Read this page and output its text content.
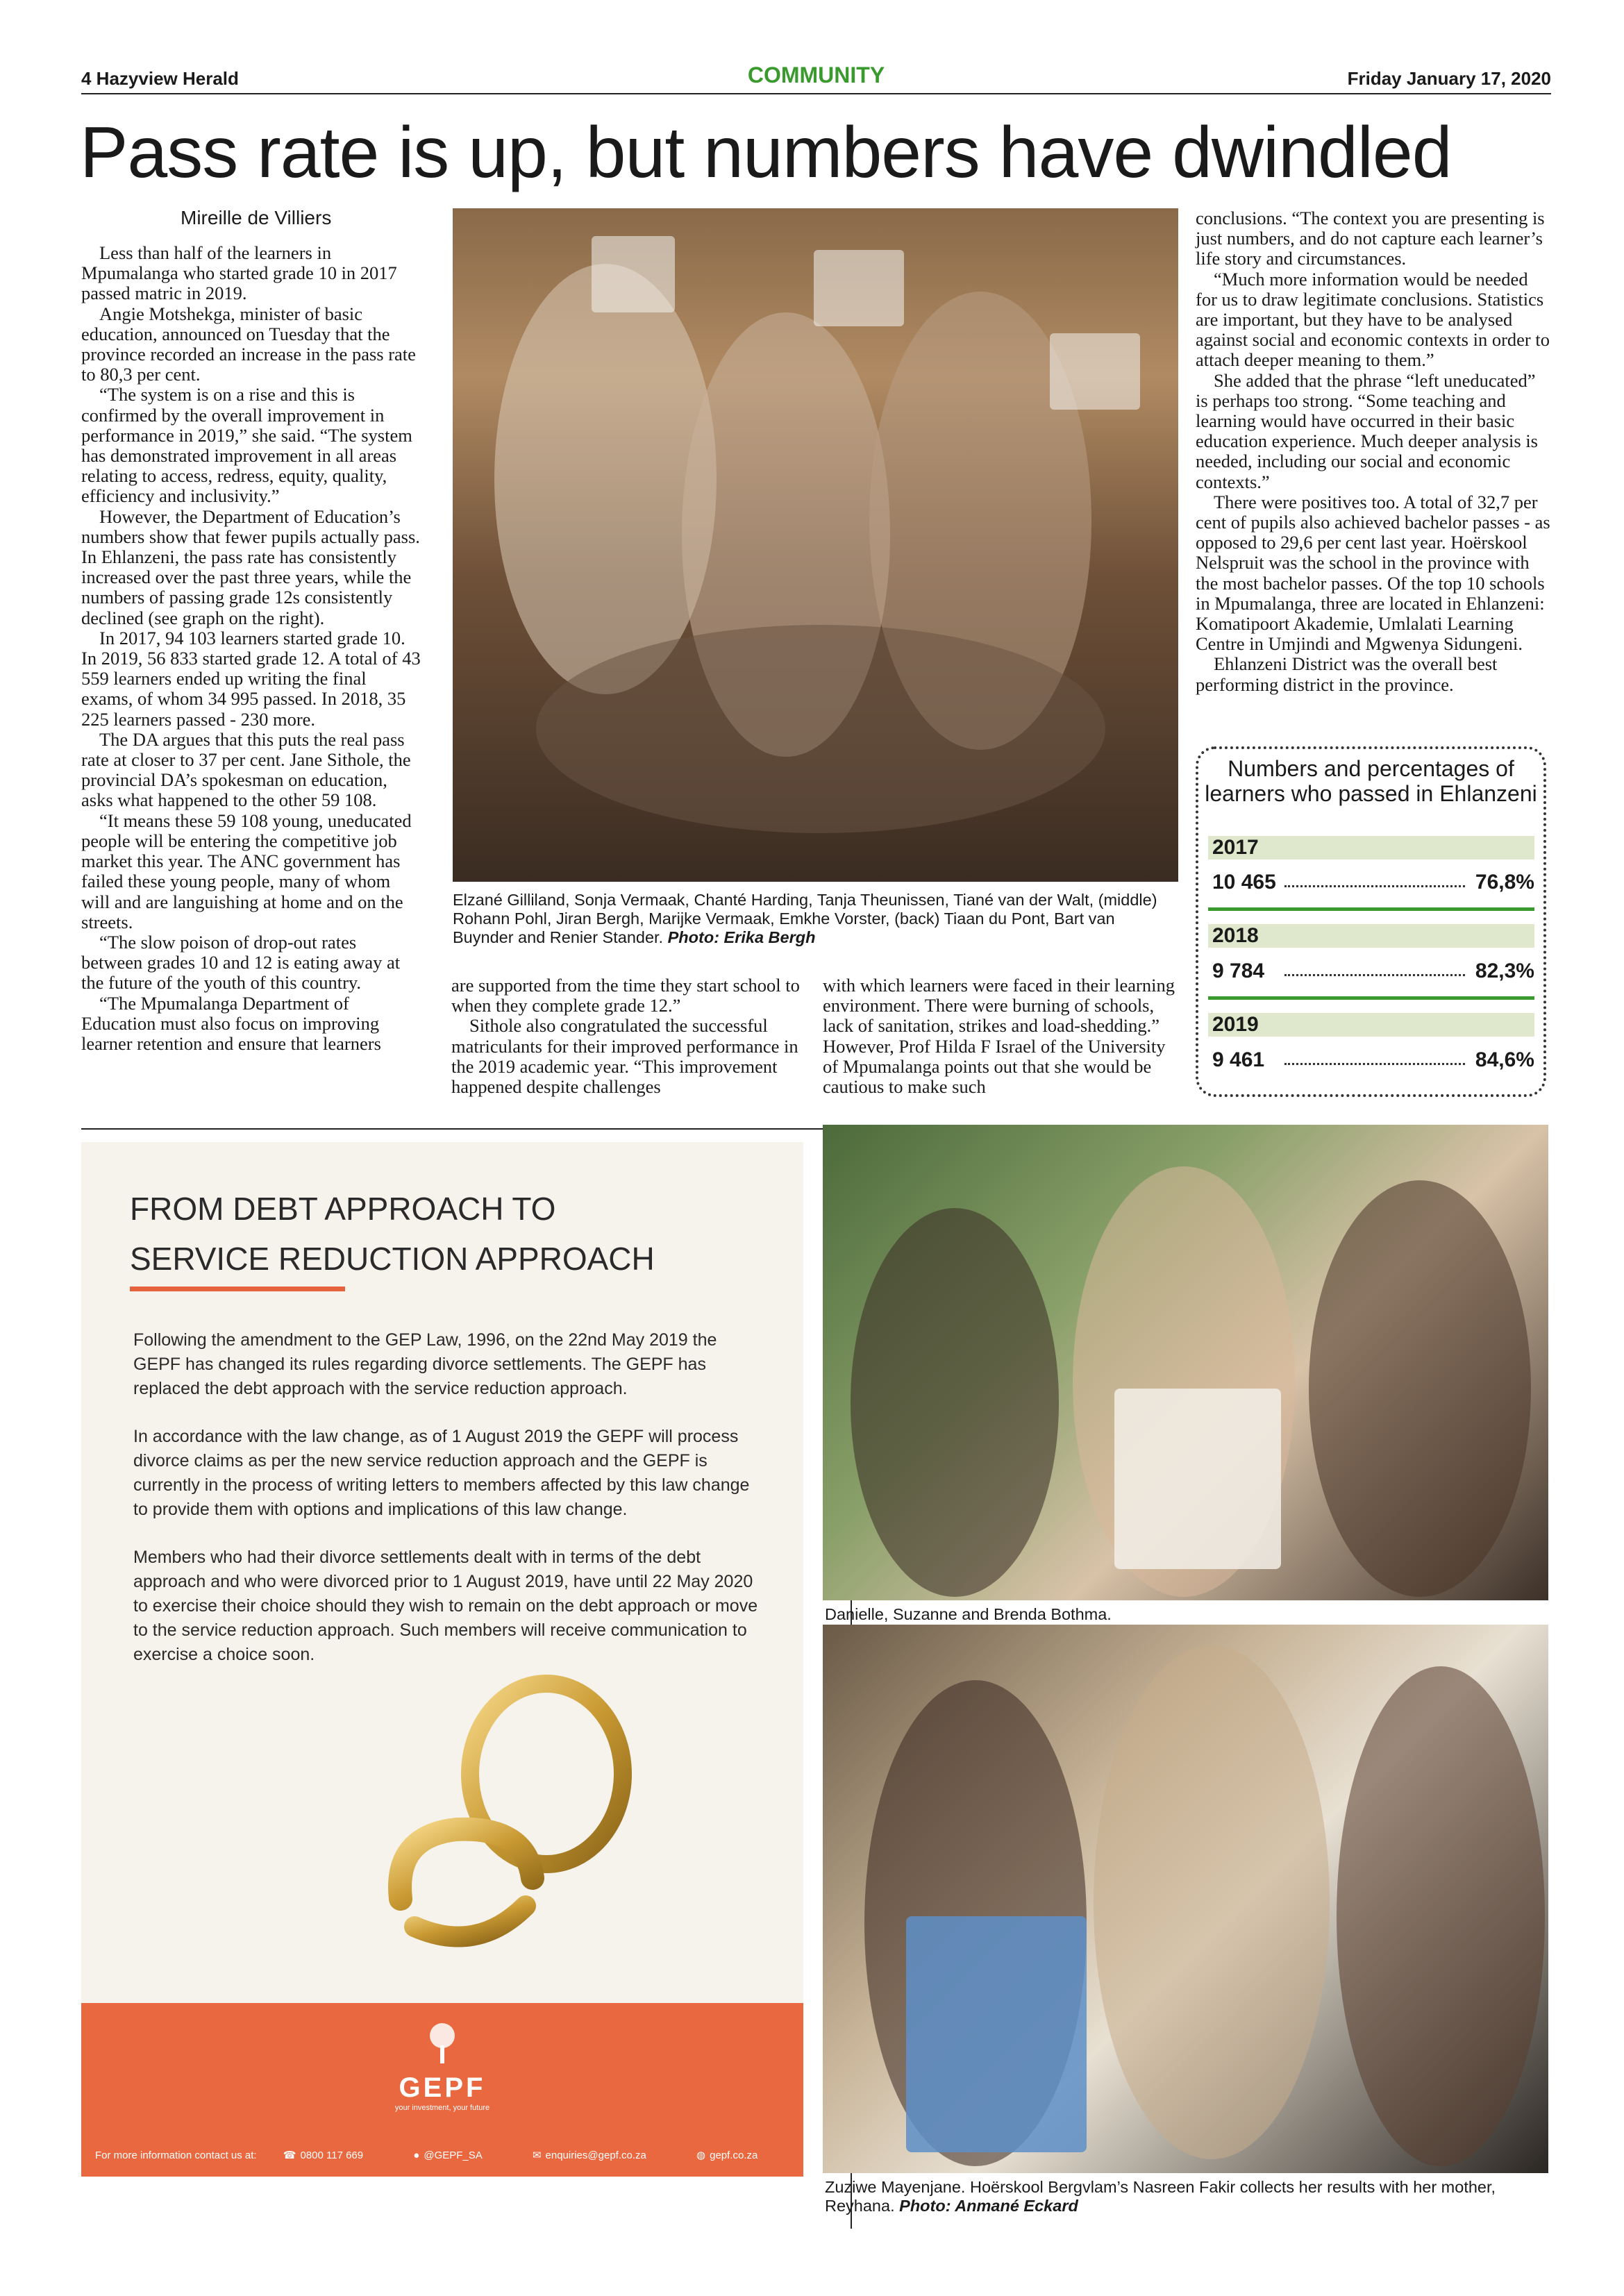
4 Hazyview Herald	COMMUNITY	Friday January 17, 2020
Pass rate is up, but numbers have dwindled
Mireille de Villiers

Less than half of the learners in Mpumalanga who started grade 10 in 2017 passed matric in 2019.

Angie Motshekga, minister of basic education, announced on Tuesday that the province recorded an increase in the pass rate to 80,3 per cent.

“The system is on a rise and this is confirmed by the overall improvement in performance in 2019,” she said. “The system has demonstrated improvement in all areas relating to access, redress, equity, quality, efficiency and inclusivity.”

However, the Department of Education’s numbers show that fewer pupils actually pass. In Ehlanzeni, the pass rate has consistently increased over the past three years, while the numbers of passing grade 12s consistently declined (see graph on the right).

In 2017, 94 103 learners started grade 10. In 2019, 56 833 started grade 12. A total of 43 559 learners ended up writing the final exams, of whom 34 995 passed. In 2018, 35 225 learners passed - 230 more.

The DA argues that this puts the real pass rate at closer to 37 per cent. Jane Sithole, the provincial DA’s spokesman on education, asks what happened to the other 59 108.

“It means these 59 108 young, uneducated people will be entering the competitive job market this year. The ANC government has failed these young people, many of whom will and are languishing at home and on the streets.

“The slow poison of drop-out rates between grades 10 and 12 is eating away at the future of the youth of this country.

“The Mpumalanga Department of Education must also focus on improving learner retention and ensure that learners

Elzané Gilliland, Sonja Vermaak, Chanté Harding, Tanja Theunissen, Tiané van der Walt, (middle) Rohann Pohl, Jiran Bergh, Marijke Vermaak, Emkhe Vorster, (back) Tiaan du Pont, Bart van Buynder and Renier Stander. Photo: Erika Bergh

are supported from the time they start school to when they complete grade 12.”

Sithole also congratulated the successful matriculants for their improved performance in the 2019 academic year. “This improvement happened despite challenges

with which learners were faced in their learning environment. There were burning of schools, lack of sanitation, strikes and load-shedding.” However, Prof Hilda F Israel of the University of Mpumalanga points out that she would be cautious to make such

conclusions. “The context you are presenting is just numbers, and do not capture each learner’s life story and circumstances.

“Much more information would be needed for us to draw legitimate conclusions. Statistics are important, but they have to be analysed against social and economic contexts in order to attach deeper meaning to them.”

She added that the phrase “left uneducated” is perhaps too strong. “Some teaching and learning would have occurred in their basic education experience. Much deeper analysis is needed, including our social and economic contexts.”

There were positives too. A total of 32,7 per cent of pupils also achieved bachelor passes - as opposed to 29,6 per cent last year. Hoërskool Nelspruit was the school in the province with the most bachelor passes. Of the top 10 schools in Mpumalanga, three are located in Ehlanzeni: Komatipoort Akademie, Umlalati Learning Centre in Umjindi and Mgwenya Sidungeni.

Ehlanzeni District was the overall best performing district in the province.

Numbers and percentages of learners who passed in Ehlanzeni
2017
10 465	76,8%
2018
9 784	82,3%
2019
9 461	84,6%
FROM DEBT APPROACH TO
SERVICE REDUCTION APPROACH

Following the amendment to the GEP Law, 1996, on the 22nd May 2019 the GEPF has changed its rules regarding divorce settlements. The GEPF has replaced the debt approach with the service reduction approach.

In accordance with the law change, as of 1 August 2019 the GEPF will process divorce claims as per the new service reduction approach and the GEPF is currently in the process of writing letters to members affected by this law change to provide them with options and implications of this law change.

Members who had their divorce settlements dealt with in terms of the debt approach and who were divorced prior to 1 August 2019, have until 22 May 2020 to exercise their choice should they wish to remain on the debt approach or move to the service reduction approach. Such members will receive communication to exercise a choice soon.

GEPF
your investment, your future
For more information contact us at:	☎ 0800 117 669	● @GEPF_SA	✉ enquiries@gepf.co.za	◍ gepf.co.za
Danielle, Suzanne and Brenda Bothma.
Zuziwe Mayenjane. Hoërskool Bergvlam’s Nasreen Fakir collects her results with her mother, Reyhana. Photo: Anmané Eckard
